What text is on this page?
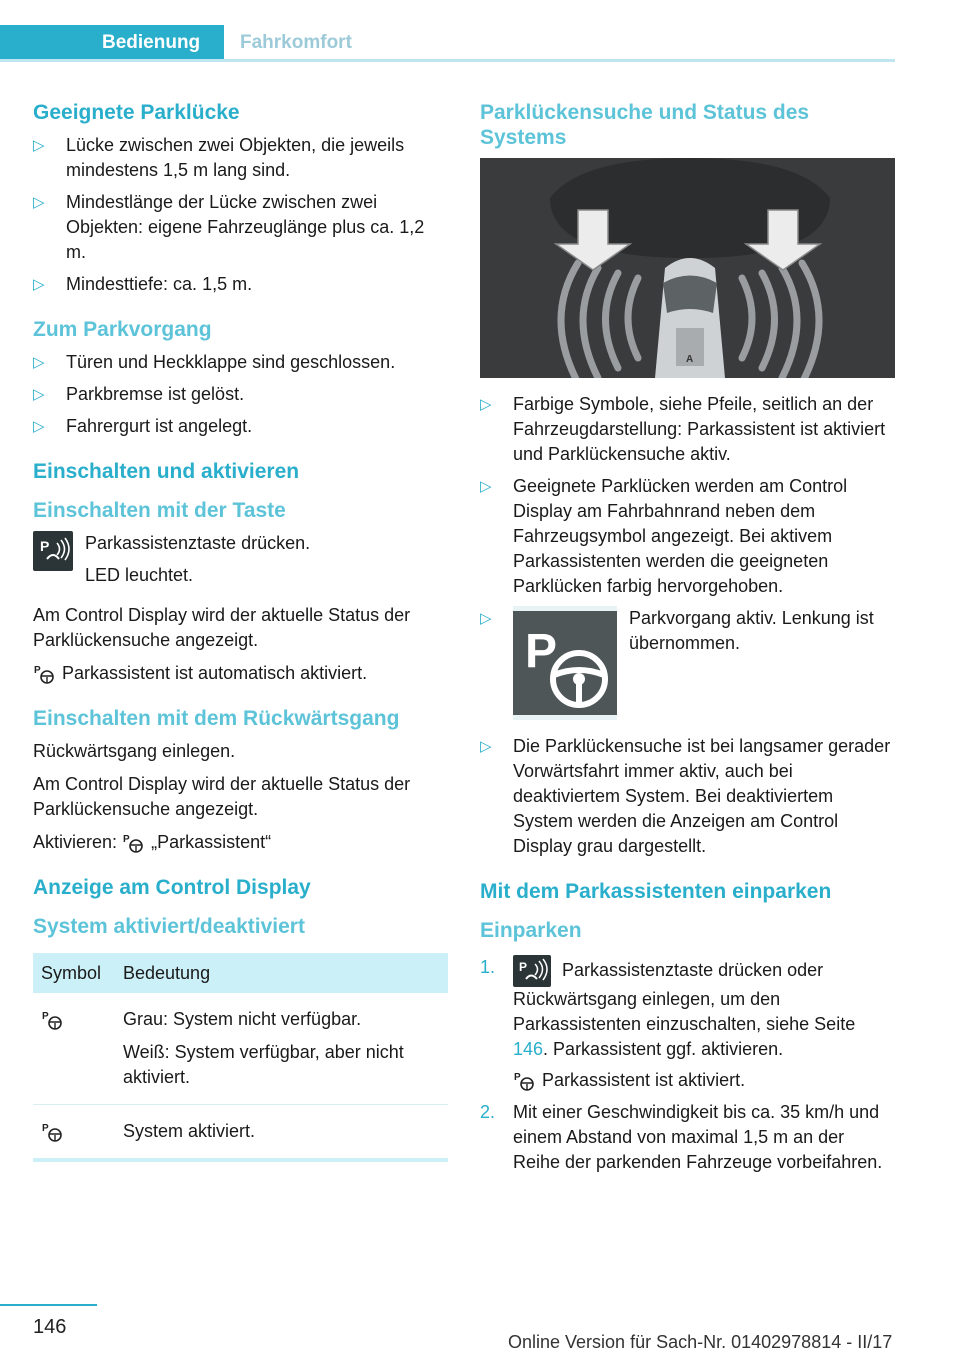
Bedienung	Fahrkomfort
Geeignete Parklücke
▷ Lücke zwischen zwei Objekten, die jeweils mindestens 1,5 m lang sind.
▷ Mindestlänge der Lücke zwischen zwei Objekten: eigene Fahrzeuglänge plus ca. 1,2 m.
▷ Mindesttiefe: ca. 1,5 m.
Zum Parkvorgang
▷ Türen und Heckklappe sind geschlossen.
▷ Parkbremse ist gelöst.
▷ Fahrergurt ist angelegt.
Einschalten und aktivieren
Einschalten mit der Taste
P Parkassistenztaste drücken.

LED leuchtet.

Am Control Display wird der aktuelle Status der Parklückensuche angezeigt.

P Parkassistent ist automatisch aktiviert.

Einschalten mit dem Rückwärtsgang

Rückwärtsgang einlegen.

Am Control Display wird der aktuelle Status der Parklückensuche angezeigt.

Aktivieren: P „Parkassistent“

Anzeige am Control Display
System aktiviert/deaktiviert
Symbol	Bedeutung

P	Grau: System nicht verfügbar.

Weiß: System verfügbar, aber nicht aktiviert.

P	System aktiviert.
Parklückensuche und Status des Systems
A
▷ Farbige Symbole, siehe Pfeile, seitlich an der Fahrzeugdarstellung: Parkassistent ist aktiviert und Parklückensuche aktiv.
▷ Geeignete Parklücken werden am Control Display am Fahrbahnrand neben dem Fahrzeugsymbol angezeigt. Bei aktivem Parkassistenten werden die geeigneten Parklücken farbig hervorgehoben.
▷
P
Parkvorgang aktiv. Lenkung ist übernommen.
▷ Die Parklückensuche ist bei langsamer gerader Vorwärtsfahrt immer aktiv, auch bei deaktiviertem System. Bei deaktiviertem System werden die Anzeigen am Control Display grau dargestellt.
Mit dem Parkassistenten einparken
Einparken
1. P Parkassistenztaste drücken oder Rückwärtsgang einlegen, um den Parkassistenten einzuschalten, siehe Seite 146. Parkassistent ggf. aktivieren.
P Parkassistent ist aktiviert.
2. Mit einer Geschwindigkeit bis ca. 35 km/h und einem Abstand von maximal 1,5 m an der Reihe der parkenden Fahrzeuge vorbeifahren.
146
Online Version für Sach-Nr. 01402978814 - II/17
